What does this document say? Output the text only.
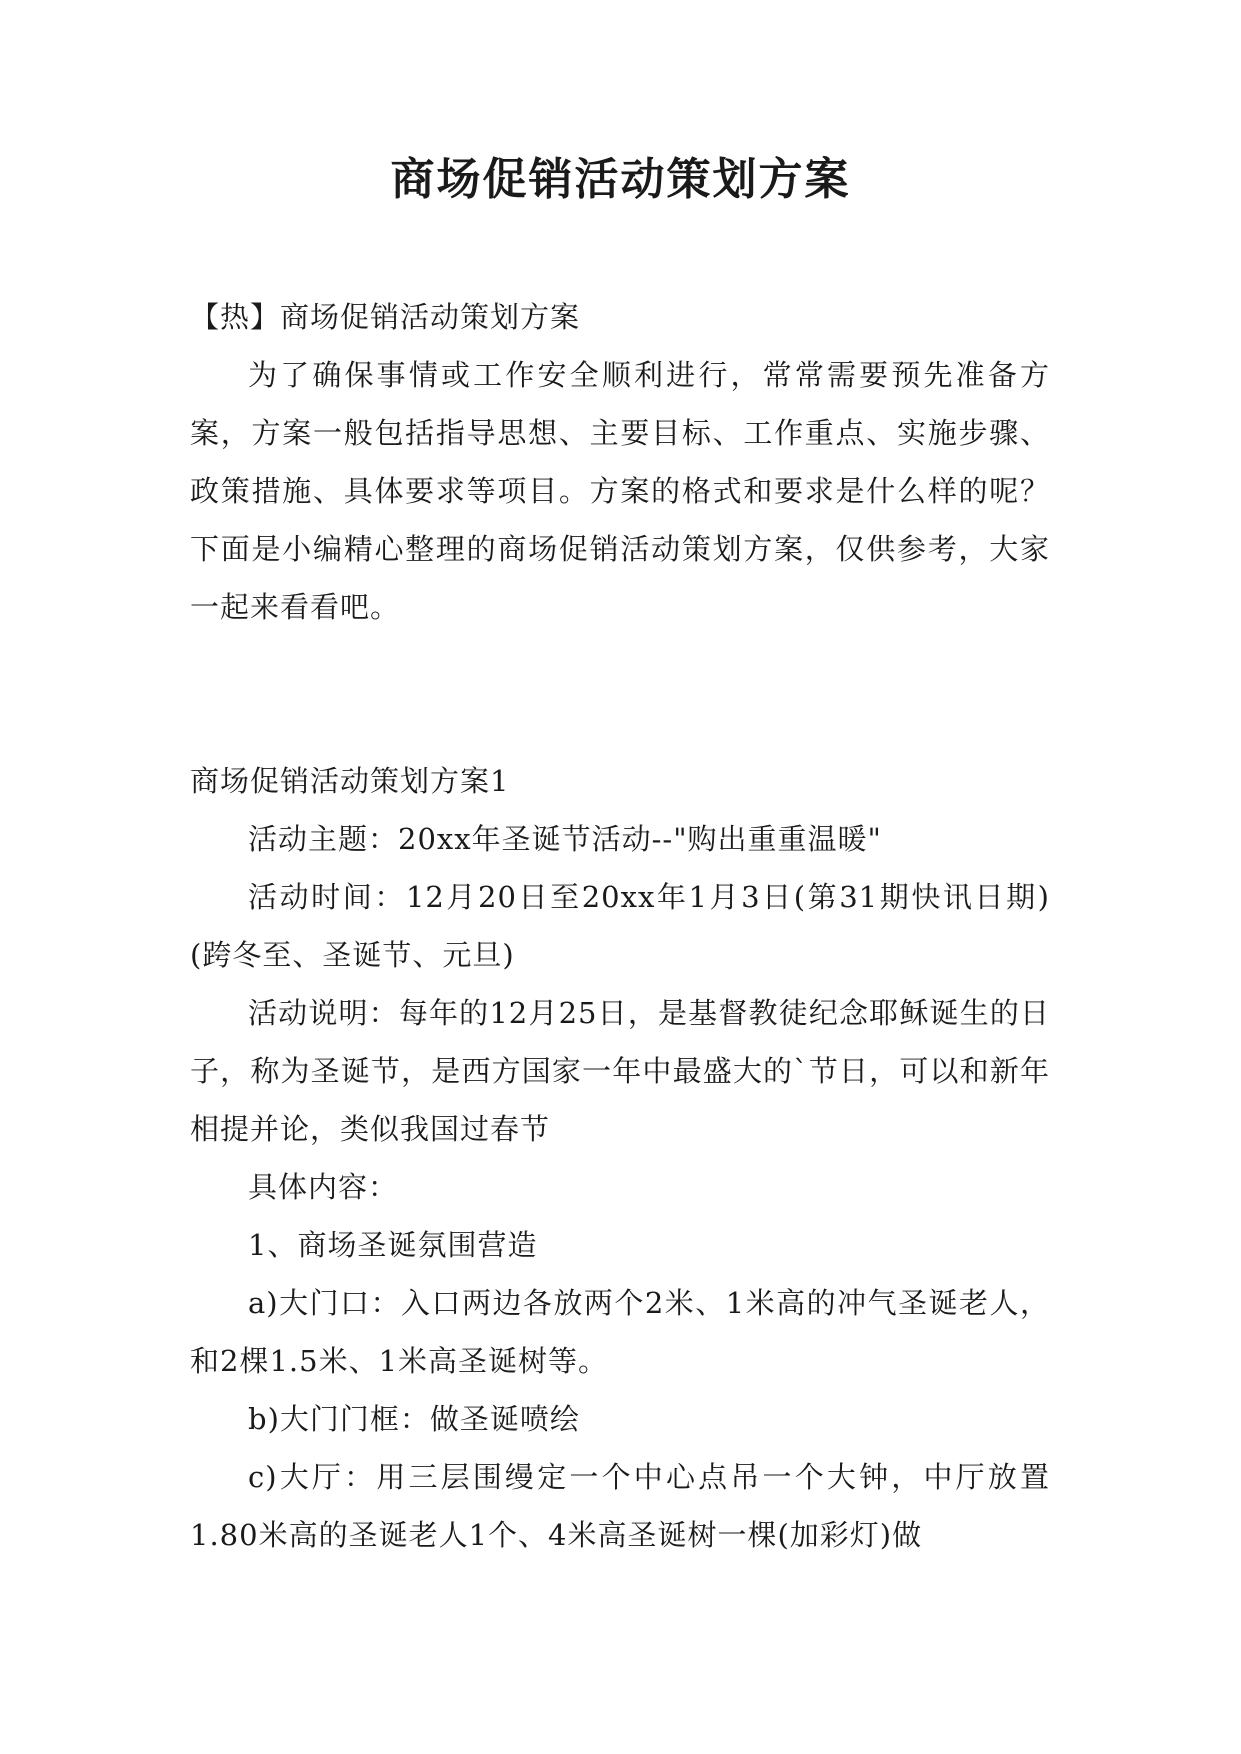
商场促销活动策划方案

【热】商场促销活动策划方案

为了确保事情或工作安全顺利进行，常常需要预先准备方案，方案一般包括指导思想、主要目标、工作重点、实施步骤、政策措施、具体要求等项目。方案的格式和要求是什么样的呢？下面是小编精心整理的商场促销活动策划方案，仅供参考，大家一起来看看吧。

商场促销活动策划方案1

活动主题：20xx年圣诞节活动--"购出重重温暖"

活动时间：12月20日至20xx年1月3日(第31期快讯日期)(跨冬至、圣诞节、元旦)

活动说明：每年的12月25日，是基督教徒纪念耶稣诞生的日子，称为圣诞节，是西方国家一年中最盛大的`节日，可以和新年相提并论，类似我国过春节

具体内容：

1、商场圣诞氛围营造

a)大门口：入口两边各放两个2米、1米高的冲气圣诞老人，和2棵1.5米、1米高圣诞树等。

b)大门门框：做圣诞喷绘

c)大厅：用三层围缦定一个中心点吊一个大钟，中厅放置1.80米高的圣诞老人1个、4米高圣诞树一棵(加彩灯)做
